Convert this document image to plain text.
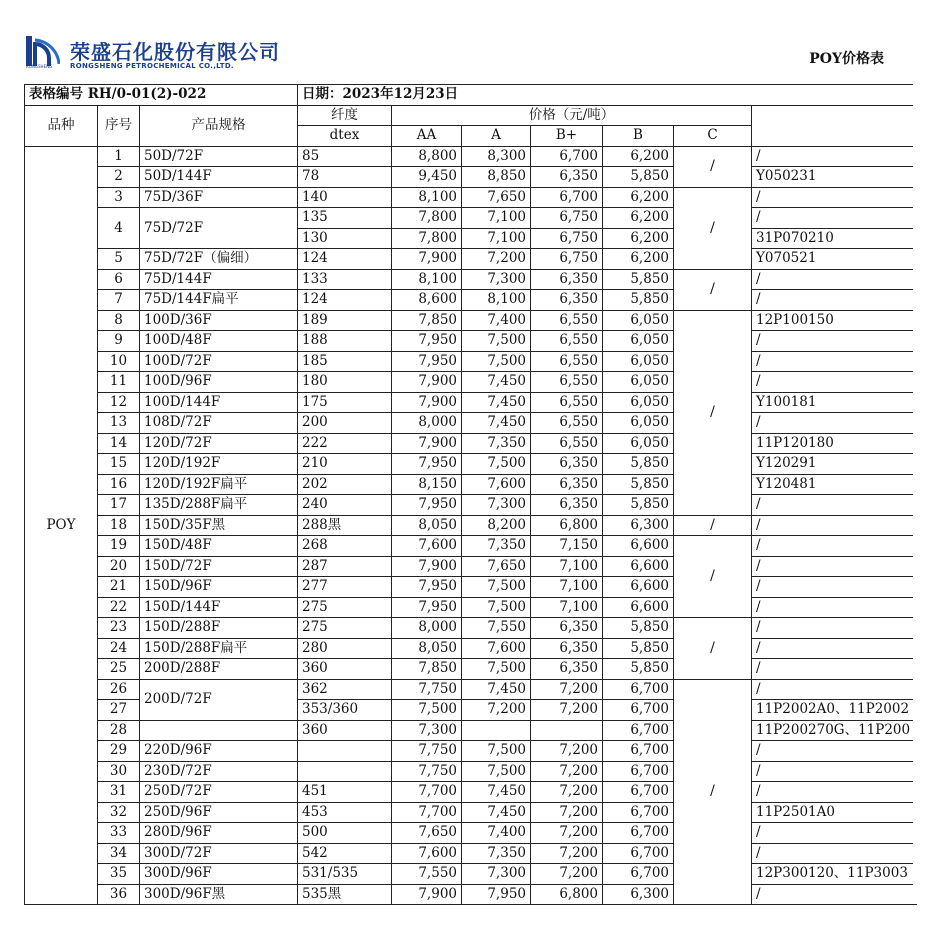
RONGSHENG
荣盛石化股份有限公司
RONGSHENG PETROCHEMICAL CO.,LTD.	POY价格表
表格编号 RH/0-01(2)-022			日期：2023年12月23日						
品种	序号	产品规格	纤度	价格（元/吨）					
			dtex	AA	A	B+	B	C	
POY	1	50D/72F	85	8,800	8,300	6,700	6,200	/	/
	2	50D/144F	78	9,450	8,850	6,350	5,850		Y050231
	3	75D/36F	140	8,100	7,650	6,700	6,200	/	/
	4	75D/72F	135	7,800	7,100	6,750	6,200		/
			130	7,800	7,100	6,750	6,200		31P070210
	5	75D/72F（偏细）	124	7,900	7,200	6,750	6,200		Y070521
	6	75D/144F	133	8,100	7,300	6,350	5,850	/	/
	7	75D/144F扁平	124	8,600	8,100	6,350	5,850		/
	8	100D/36F	189	7,850	7,400	6,550	6,050	/	12P100150
	9	100D/48F	188	7,950	7,500	6,550	6,050		/
	10	100D/72F	185	7,950	7,500	6,550	6,050		/
	11	100D/96F	180	7,900	7,450	6,550	6,050		/
	12	100D/144F	175	7,900	7,450	6,550	6,050		Y100181
	13	108D/72F	200	8,000	7,450	6,550	6,050		/
	14	120D/72F	222	7,900	7,350	6,550	6,050		11P120180
	15	120D/192F	210	7,950	7,500	6,350	5,850		Y120291
	16	120D/192F扁平	202	8,150	7,600	6,350	5,850		Y120481
	17	135D/288F扁平	240	7,950	7,300	6,350	5,850		/
	18	150D/35F黑	288黑	8,050	8,200	6,800	6,300	/	/
	19	150D/48F	268	7,600	7,350	7,150	6,600	/	/
	20	150D/72F	287	7,900	7,650	7,100	6,600		/
	21	150D/96F	277	7,950	7,500	7,100	6,600		/
	22	150D/144F	275	7,950	7,500	7,100	6,600		/
	23	150D/288F	275	8,000	7,550	6,350	5,850	/	/
	24	150D/288F扁平	280	8,050	7,600	6,350	5,850		/
	25	200D/288F	360	7,850	7,500	6,350	5,850		/
	26	200D/72F	362	7,750	7,450	7,200	6,700	/	/
	27		353/360	7,500	7,200	7,200	6,700		11P2002A0、11P2002
	28		360	7,300			6,700		11P200270G、11P200
	29	220D/96F		7,750	7,500	7,200	6,700		/
	30	230D/72F		7,750	7,500	7,200	6,700		/
	31	250D/72F	451	7,700	7,450	7,200	6,700		/
	32	250D/96F	453	7,700	7,450	7,200	6,700		11P2501A0
	33	280D/96F	500	7,650	7,400	7,200	6,700		/
	34	300D/72F	542	7,600	7,350	7,200	6,700		/
	35	300D/96F	531/535	7,550	7,300	7,200	6,700		12P300120、11P3003
	36	300D/96F黑	535黑	7,900	7,950	6,800	6,300		/
